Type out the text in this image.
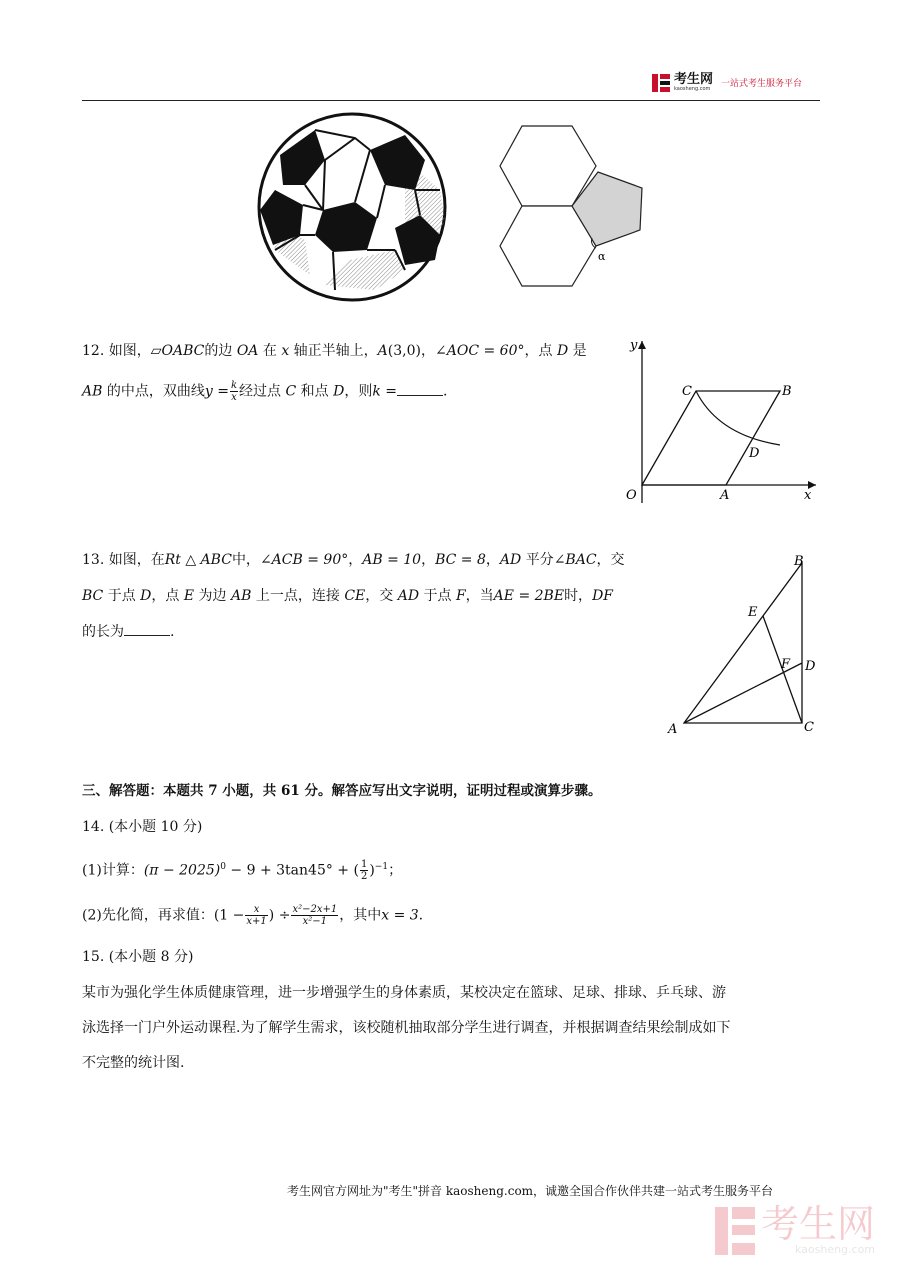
考生网
kaosheng.com 一站式考生服务平台
α
12. 如图，▱OABC的边 OA 在 x 轴正半轴上，A(3,0)，∠AOC = 60°，点 D 是
AB 的中点，双曲线$y = \frac{k}{x}$ 经过点 C 和点 D，则k =	.
y
x
O	A
B
C
D
13. 如图，在Rt △ ABC中，∠ACB = 90°，AB = 10，BC = 8，AD 平分∠BAC，交
BC 于点 D，点 E 为边 AB 上一点，连接 CE，交 AD 于点 F，当AE = 2BE时，DF
的长为	.
A
B
C
D
E
F
三、解答题：本题共 7 小题，共 61 分。解答应写出文字说明，证明过程或演算步骤。
14. (本小题 10 分)
(1)计算：$(\pi - 2025)^0 - 9 + 3\tan 45^\circ$ + ( $\frac{1}{2} )^{-1}$；
(2)先化简，再求值：($1 - \frac{x}{x+1}$ ) ÷ $\frac{\text{x²−2x+1}}{\text{x²−1}}$ ，其中x = 3.
15. (本小题 8 分)
某市为强化学生体质健康管理，进一步增强学生的身体素质，某校决定在篮球、足球、排球、乒乓球、游
泳选择一门户外运动课程.为了解学生需求，该校随机抽取部分学生进行调查，并根据调查结果绘制成如下
不完整的统计图.
考生网官方网址为"考生"拼音 kaosheng.com，诚邀全国合作伙伴共建一站式考生服务平台
考生网
kaosheng.com
